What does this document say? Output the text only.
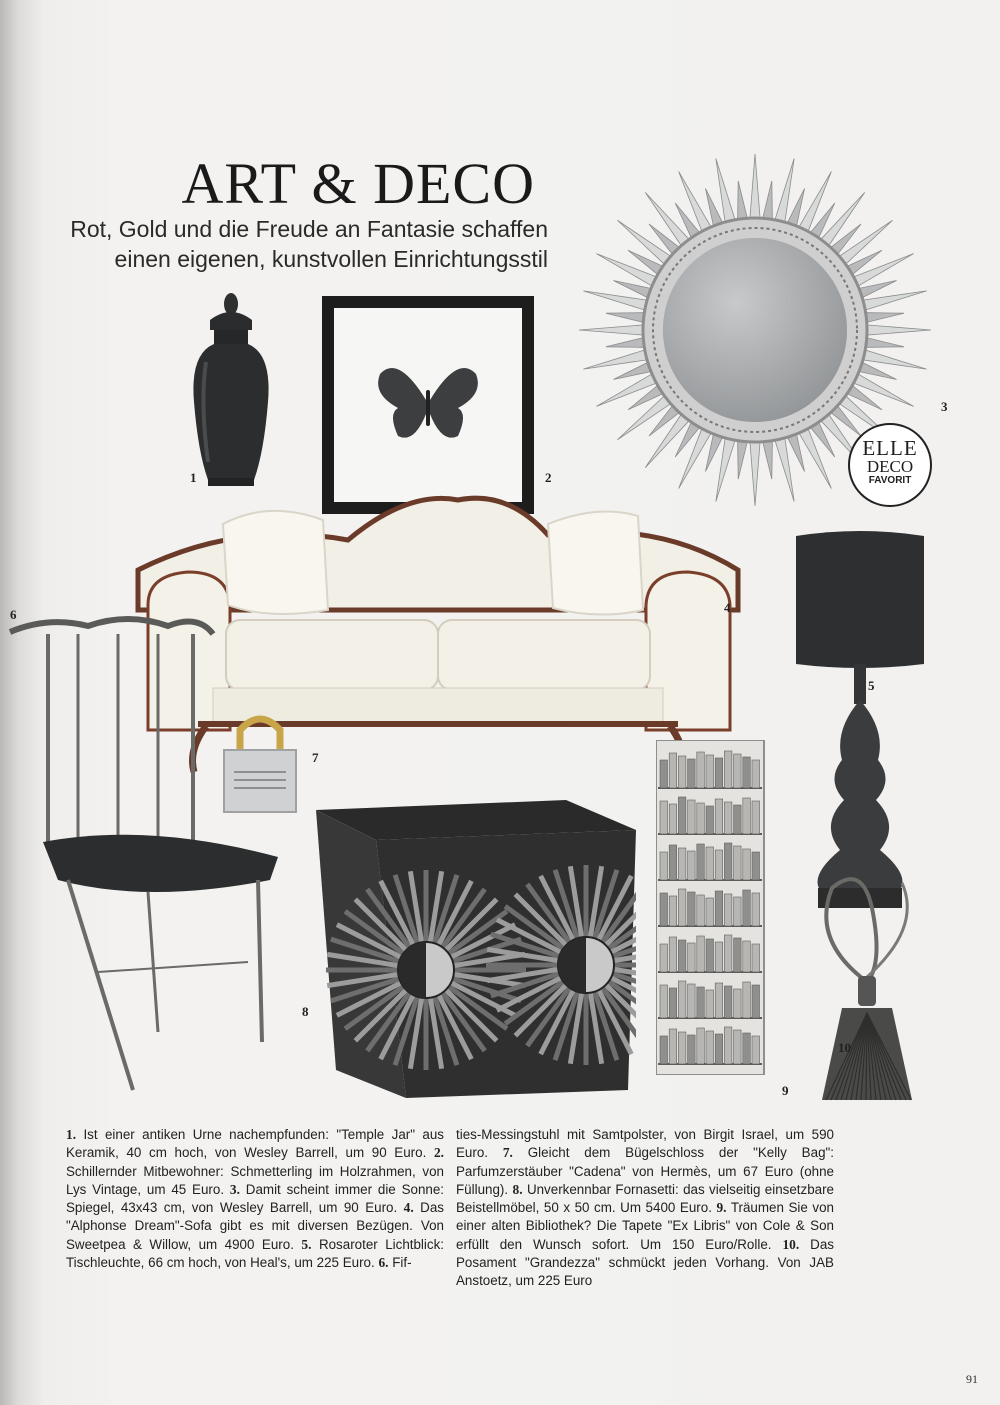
ART & DECO
Rot, Gold und die Freude an Fantasie schaffen
einen eigenen, kunstvollen Einrichtungsstil
3
ELLE
DECO
FAVORIT
1	2
4
5
6
7
8
9
10
1. Ist einer antiken Urne nachempfunden: "Temple Jar" aus Keramik, 40 cm hoch, von Wesley Barrell, um 90 Euro. 2. Schillernder Mitbewohner: Schmetterling im Holzrahmen, von Lys Vintage, um 45 Euro. 3. Damit scheint immer die Sonne: Spiegel, 43x43 cm, von Wesley Barrell, um 90 Euro. 4. Das "Alphonse Dream"-Sofa gibt es mit diversen Bezügen. Von Sweetpea & Willow, um 4900 Euro. 5. Rosaroter Lichtblick: Tischleuchte, 66 cm hoch, von Heal's, um 225 Euro. 6. Fif-
ties-Messingstuhl mit Samtpolster, von Birgit Israel, um 590 Euro. 7. Gleicht dem Bügelschloss der "Kelly Bag": Parfumzerstäuber "Cadena" von Hermès, um 67 Euro (ohne Füllung). 8. Unverkennbar Fornasetti: das vielseitig einsetzbare Beistellmöbel, 50 x 50 cm. Um 5400 Euro. 9. Träumen Sie von einer alten Bibliothek? Die Tapete "Ex Libris" von Cole & Son erfüllt den Wunsch sofort. Um 150 Euro/Rolle. 10. Das Posament "Grandezza" schmückt jeden Vorhang. Von JAB Anstoetz, um 225 Euro
91
